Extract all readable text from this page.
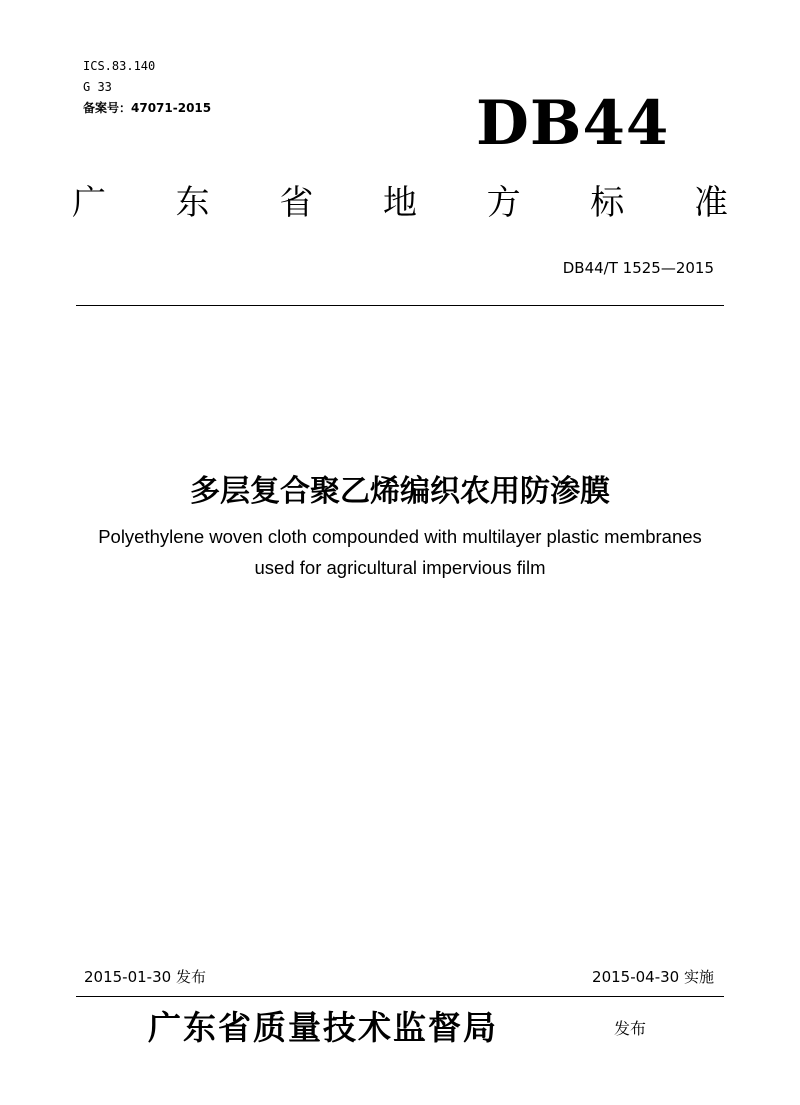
ICS.83.140
G 33
备案号：47071-2015	DB44
广 东 省 地 方 标 准
DB44/T 1525—2015
多层复合聚乙烯编织农用防渗膜
Polyethylene woven cloth compounded with multilayer plastic membranes
used for agricultural impervious film
2015-01-30 发布	2015-04-30 实施
广东省质量技术监督局	发布
